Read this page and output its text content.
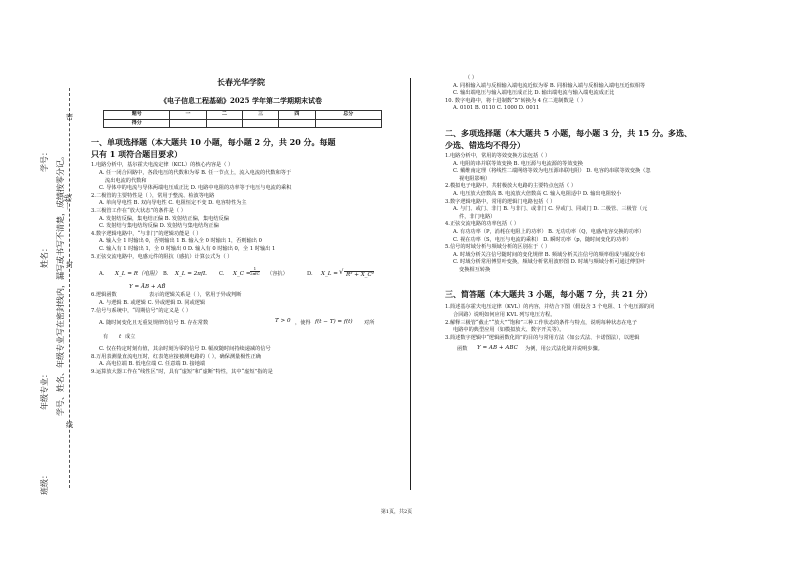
学号：
姓名：
年级专业：
班级：
学号、姓名、年级专业写在密封线内，漏写或书写不清楚，成绩按零分记。 一线
密
封
线
长春光华学院
《电子信息工程基础》2025 学年第二学期期末试卷
题号	一	二	三	四	总分
得分					
一、单项选择题（本大题共 10 小题，每小题 2 分，共 20 分。每题
只有 1 项符合题目要求）
1.电路分析中，基尔霍夫电流定律（KCL）的核心内容是（ ）
A. 任一闭合回路中，各段电压的代数和为零 B. 任一节点上，流入电流的代数和等于
流出电流的代数和
C. 导体中的电流与导体两端电压成正比 D. 电路中电阻的功率等于电压与电流的乘积
2.二极管的主要特性是（ ），常用于整流、检波等电路
A. 单向导电性 B. 双向导电性 C. 电阻恒定不变 D. 电容特性为主
3.三极管工作在“放大状态”的条件是（ ）
A. 发射结反偏，集电结正偏 B. 发射结正偏，集电结反偏
C. 发射结与集电结均反偏 D. 发射结与集电结均正偏
4.数字逻辑电路中，“与非门”的逻辑功能是（ ）
A. 输入全 1 时输出 0，否则输出 1 B. 输入全 0 时输出 1，否则输出 0
C. 输入有 1 时输出 1，全 0 时输出 0 D. 输入有 0 时输出 0，全 1 时输出 1
5.正弦交流电路中，电感元件的阻抗（感抗）计算公式为（ ）
A. X_L = R（电阻） B. X_L = 2πfL C. X_C =
1
2πfC （容抗）	D. X_L = √ R² + X_C²
Y = ĀB + AB̄
6.逻辑函数	表示的逻辑关系是（ ），常用于异或判断
A. 与逻辑 B. 或逻辑 C. 异或逻辑 D. 同或逻辑
7.信号与系统中，“周期信号”的定义是（ ）
A. 随时间变化且无重复规律的信号 B. 存在常数	T > 0 ，使得 f(t − T) = f(t) 对所
有 t 成立
C. 仅在特定时刻有值，其余时刻为零的信号 D. 幅度随时间持续递减的信号
8.万用表测量直流电压时，红表笔应接被测电路的（ ），确保测量极性正确
A. 高电位端 B. 低电位端 C. 任意端 D. 接地端
9.运算放大器工作在“线性区”时，具有“虚短”和“虚断”特性，其中“虚短”指的是
（ ）
A. 同相输入端与反相输入端电流近似为零 B. 同相输入端与反相输入端电压近似相等
C. 输出端电压与输入端电压成正比 D. 输出端电流与输入端电流成正比
10. 数字电路中，将十进制数“5”转换为 4 位二进制数是（ ）
A. 0101 B. 0110 C. 1000 D. 0011
二、多项选择题（本大题共 5 小题，每小题 3 分，共 15 分。多选、
少选、错选均不得分）
1.电路分析中，常用的等效变换方法包括（ ）
A. 电阻的串并联等效变换 B. 电压源与电流源的等效变换
C. 戴维南定理（将线性二端网络等效为电压源串联电阻） D. 电容的串联等效变换（忽
视电阻影响）
2.模拟电子电路中，共射极放大电路的主要特点包括（ ）
A. 电压放大倍数高 B. 电流放大倍数高 C. 输入电阻适中 D. 输出电阻较小
3.数字逻辑电路中，常用的逻辑门电路包括（ ）
A. 与门、或门、非门 B. 与非门、或非门 C. 异或门、同或门 D. 二极管、三极管（元
件，非门电路）
4.正弦交流电路的功率包括（ ）
A. 有功功率（P，消耗在电阻上的功率） B. 无功功率（Q，电感/电容交换的功率）
C. 视在功率（S，电压与电流的乘积） D. 瞬时功率（p，随时间变化的功率）
5.信号的时域分析与频域分析的区别在于（ ）
A. 时域分析关注信号随时间的变化规律 B. 频域分析关注信号的频率组成与幅度分布
C. 时域分析常用傅里叶变换，频域分析常用波形图 D. 时域与频域分析可通过傅里叶
变换相互转换
三、简答题（本大题共 3 小题，每小题 7 分，共 21 分）
1.简述基尔霍夫电压定律（KVL）的内容，并结合下图（假设含 3 个电阻、1 个电压源的闭
合回路）说明如何应用 KVL 列写电压方程。
2.解释三极管“截止”“放大”“饱和”三种工作状态的条件与特点，说明每种状态在电子
电路中的典型应用（如模拟放大、数字开关等）。
3.简述数字逻辑中“逻辑函数化简”的目的与常用方法（如公式法、卡诺图法），以逻辑
函数 Y = AB + ABC 为例，用公式法化简并说明步骤。
第1页，共2页
